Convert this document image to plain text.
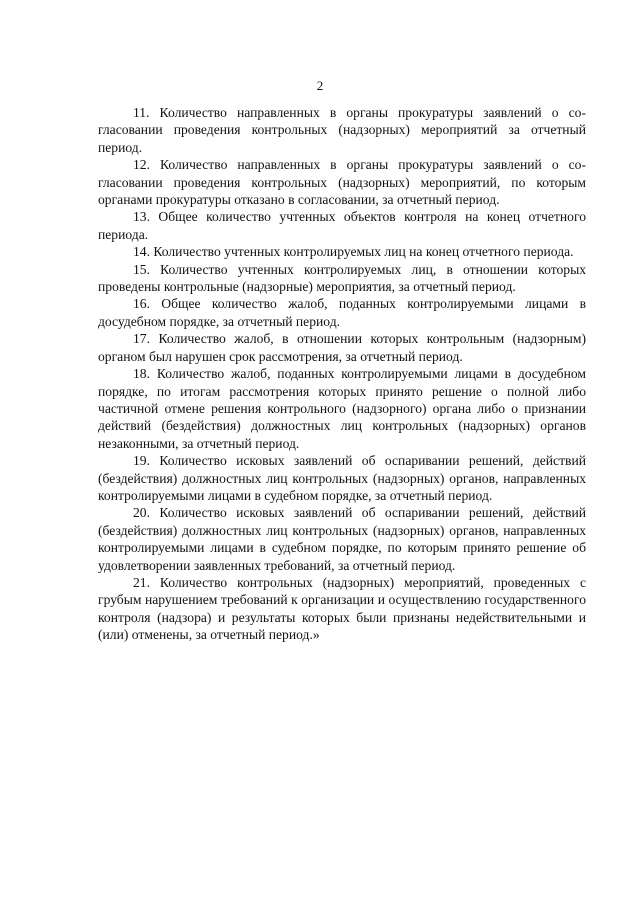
2

11. Количество направленных в органы прокуратуры заявлений о согласовании проведения контрольных (надзорных) мероприятий за отчетный период.

12. Количество направленных в органы прокуратуры заявлений о согласовании проведения контрольных (надзорных) мероприятий, по которым органами прокуратуры отказано в согласовании, за отчетный период.

13. Общее количество учтенных объектов контроля на конец отчетного периода.

14. Количество учтенных контролируемых лиц на конец отчетного периода.

15. Количество учтенных контролируемых лиц, в отношении которых проведены контрольные (надзорные) мероприятия, за отчетный период.

16. Общее количество жалоб, поданных контролируемыми лицами в досудебном порядке, за отчетный период.

17. Количество жалоб, в отношении которых контрольным (надзорным) органом был нарушен срок рассмотрения, за отчетный период.

18. Количество жалоб, поданных контролируемыми лицами в досудебном порядке, по итогам рассмотрения которых принято решение о полной либо частичной отмене решения контрольного (надзорного) органа либо о признании действий (бездействия) должностных лиц контрольных (надзорных) органов незаконными, за отчетный период.

19. Количество исковых заявлений об оспаривании решений, действий (бездействия) должностных лиц контрольных (надзорных) органов, направленных контролируемыми лицами в судебном порядке, за отчетный период.

20. Количество исковых заявлений об оспаривании решений, действий (бездействия) должностных лиц контрольных (надзорных) органов, направленных контролируемыми лицами в судебном порядке, по которым принято решение об удовлетворении заявленных требований, за отчетный период.

21. Количество контрольных (надзорных) мероприятий, проведенных с грубым нарушением требований к организации и осуществлению государственного контроля (надзора) и результаты которых были признаны недействительными и (или) отменены, за отчетный период.»
